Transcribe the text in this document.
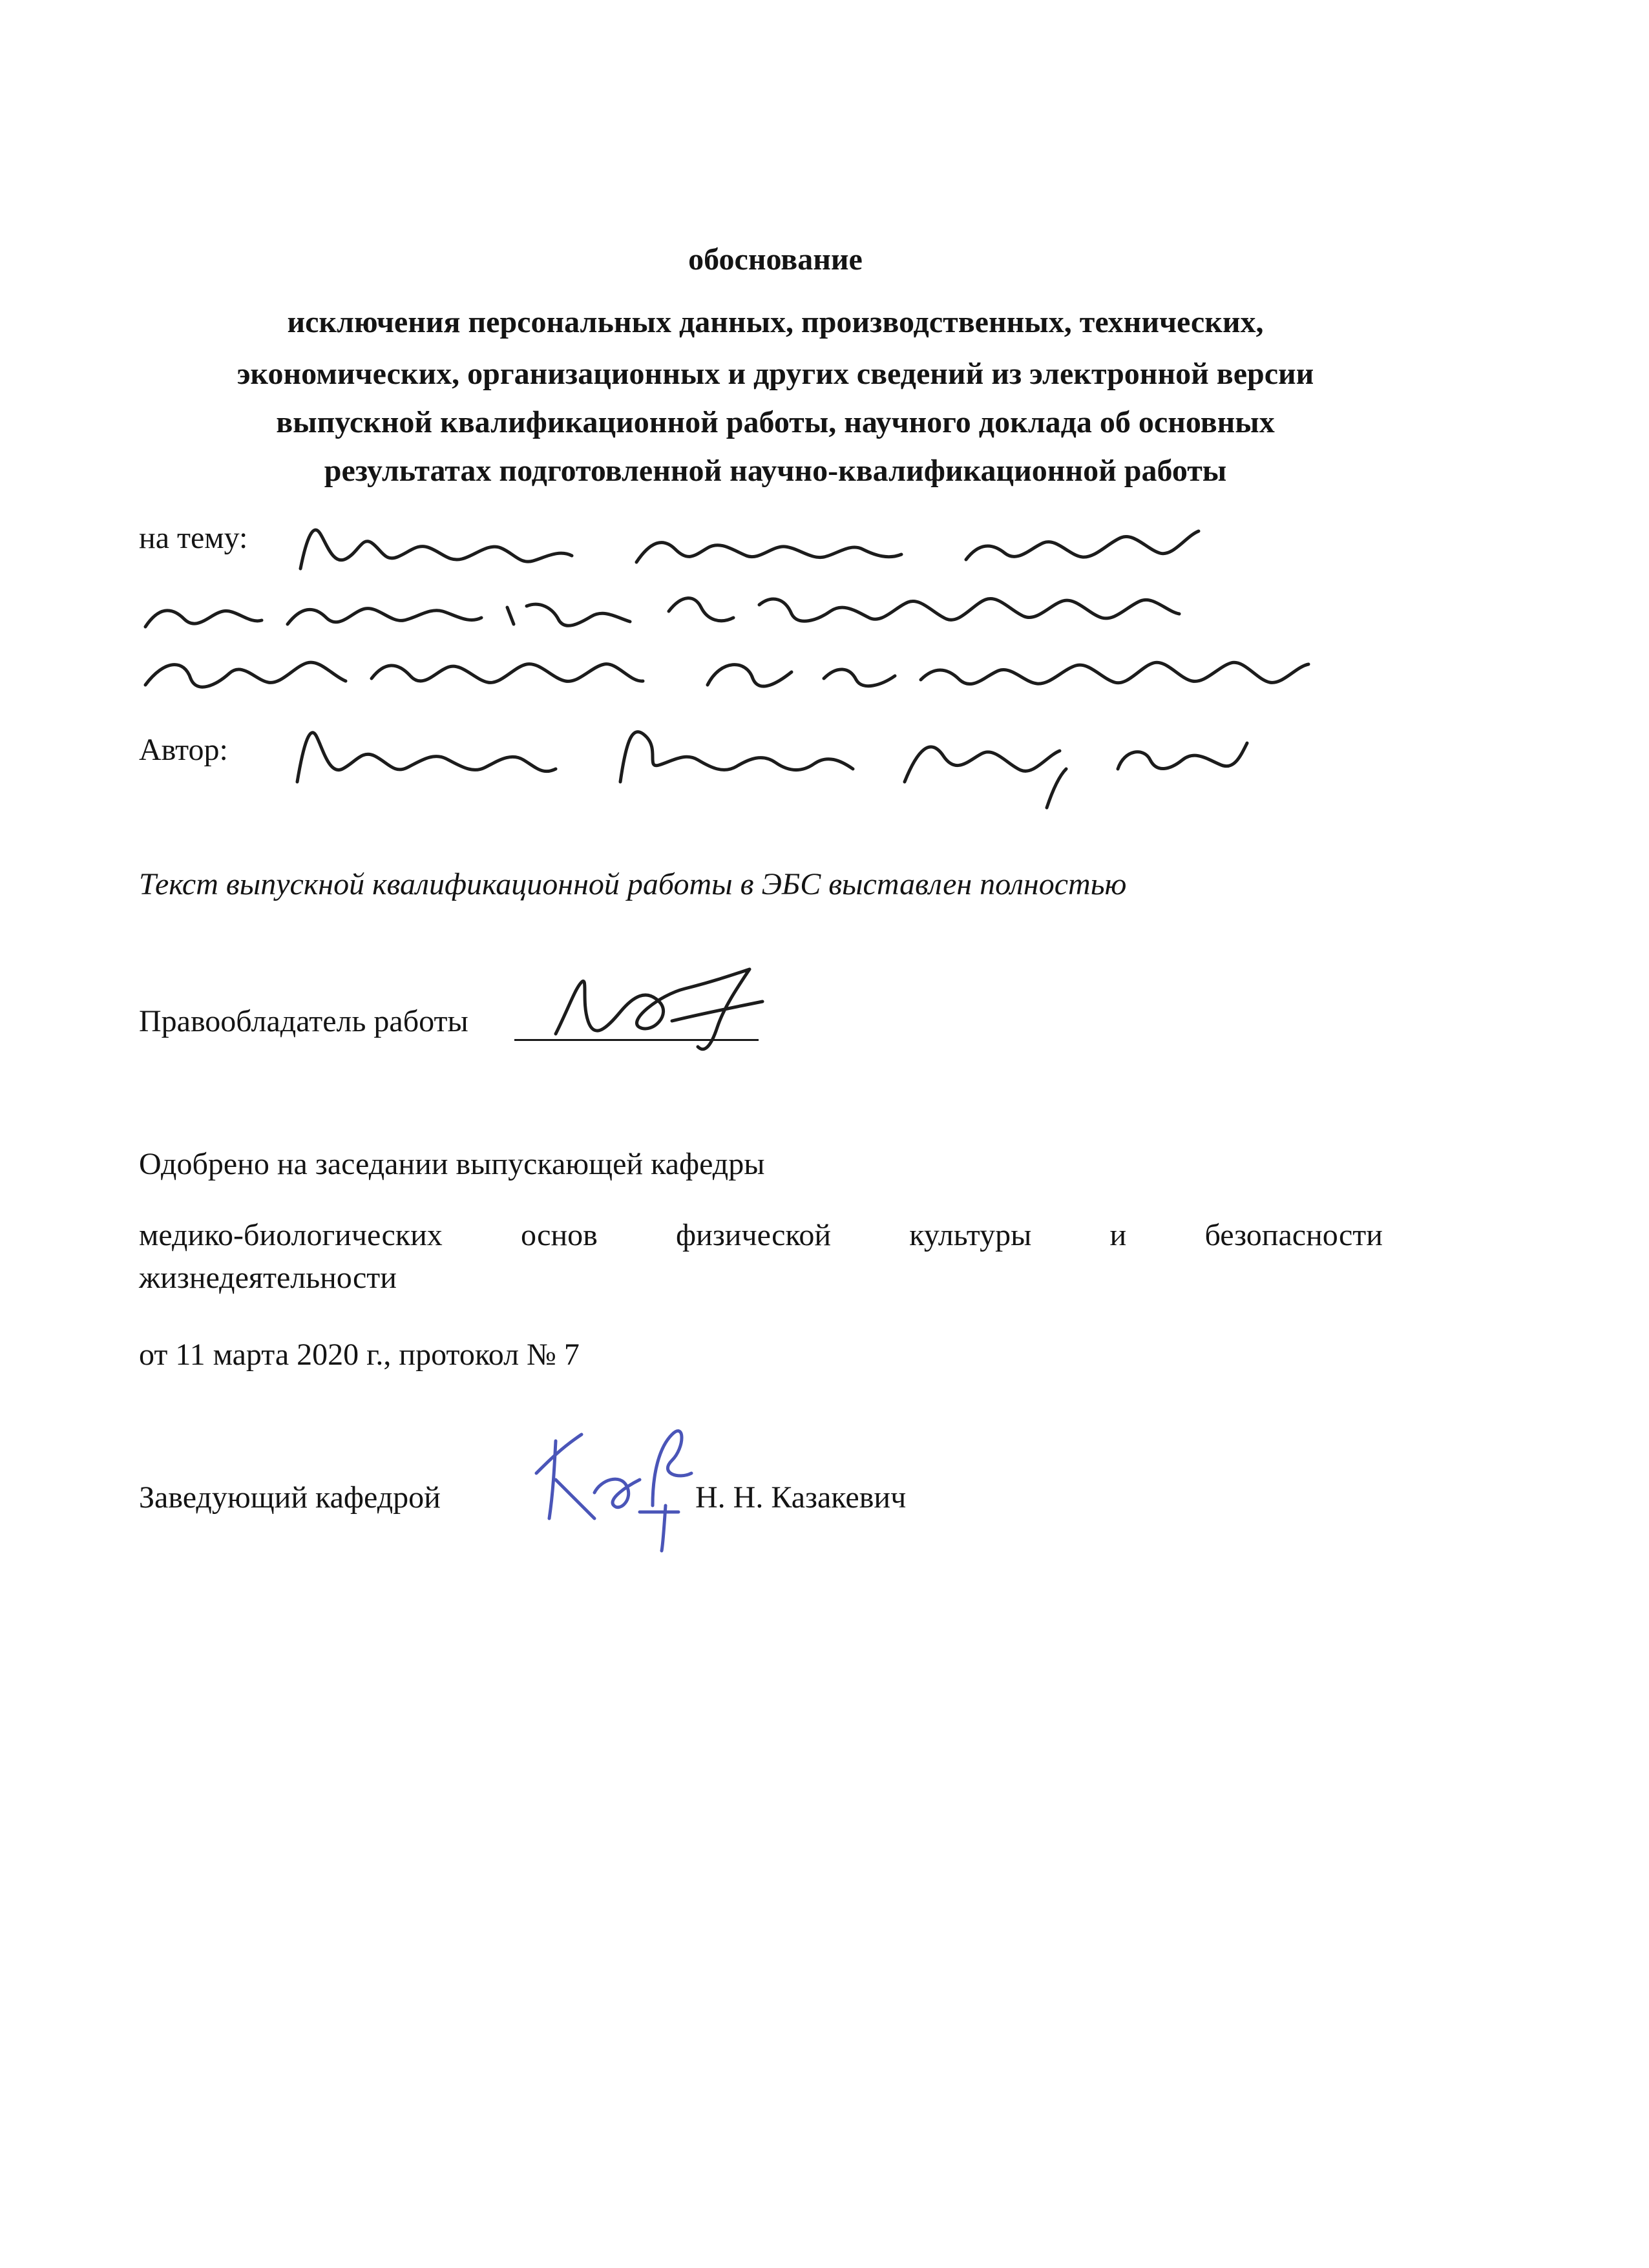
обоснование
исключения персональных данных, производственных, технических,
экономических, организационных и других сведений из электронной версии
выпускной квалификационной работы, научного доклада об основных
результатах подготовленной научно-квалификационной работы
на тему:
Автор:
Текст выпускной квалификационной работы в ЭБС выставлен полностью
Правообладатель работы
Одобрено на заседании выпускающей кафедры
медико-биологических	основ	физической	культуры	и	безопасности
жизнедеятельности
от 11 марта 2020 г., протокол № 7
Заведующий кафедрой	Н. Н. Казакевич
